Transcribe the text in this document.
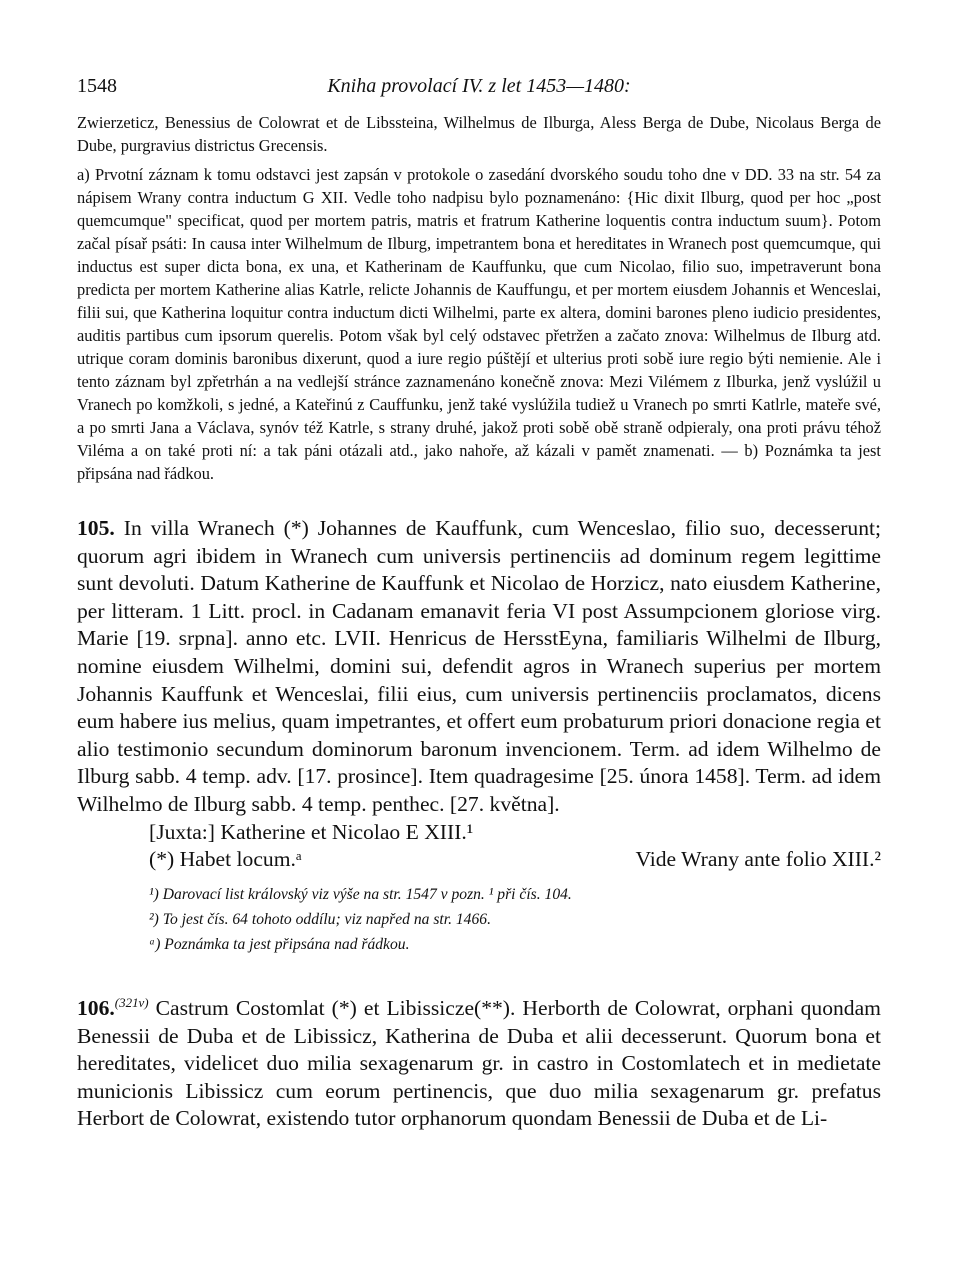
1548	Kniha provolací IV. z let 1453—1480:

Zwierzeticz, Benessius de Colowrat et de Libssteina, Wilhelmus de Ilburga, Aless Berga de Dube, Nicolaus Berga de Dube, purgravius districtus Grecensis.

a) Prvotní záznam k tomu odstavci jest zapsán v protokole o zasedání dvorského soudu toho dne v DD. 33 na str. 54 za nápisem Wrany contra inductum G XII. Vedle toho nadpisu bylo poznamenáno: {Hic dixit Ilburg, quod per hoc „post quemcumque" specificat, quod per mortem patris, matris et fratrum Katherine loquentis contra inductum suum}. Potom začal písař psáti: In causa inter Wilhelmum de Ilburg, impetrantem bona et hereditates in Wranech post quemcumque, qui inductus est super dicta bona, ex una, et Katherinam de Kauffunku, que cum Nicolao, filio suo, impetraverunt bona predicta per mortem Katherine alias Katrle, relicte Johannis de Kauffungu, et per mortem eiusdem Johannis et Wenceslai, filii sui, que Katherina loquitur contra inductum dicti Wilhelmi, parte ex altera, domini barones pleno iudicio presidentes, auditis partibus cum ipsorum querelis. Potom však byl celý odstavec přetržen a začato znova: Wilhelmus de Ilburg atd. utrique coram dominis baronibus dixerunt, quod a iure regio púštějí et ulterius proti sobě iure regio býti nemienie. Ale i tento záznam byl zpřetrhán a na vedlejší stránce zaznamenáno konečně znova: Mezi Vilémem z Ilburka, jenž vyslúžil u Vranech po komžkoli, s jedné, a Kateřinú z Cauffunku, jenž také vyslúžila tudiež u Vranech po smrti Katlrle, mateře své, a po smrti Jana a Václava, synóv též Katrle, s strany druhé, jakož proti sobě obě straně odpieraly, ona proti právu téhož Viléma a on také proti ní: a tak páni otázali atd., jako nahoře, až kázali v pamět znamenati. — b) Poznámka ta jest připsána nad řádkou.

105. In villa Wranech (*) Johannes de Kauffunk, cum Wenceslao, filio suo, decesserunt; quorum agri ibidem in Wranech cum universis pertinenciis ad dominum regem legittime sunt devoluti. Datum Katherine de Kauffunk et Nicolao de Horzicz, nato eiusdem Katherine, per litteram. 1 Litt. procl. in Cadanam emanavit feria VI post Assumpcionem gloriose virg. Marie [19. srpna]. anno etc. LVII. Henricus de HersstEyna, familiaris Wilhelmi de Ilburg, nomine eiusdem Wilhelmi, domini sui, defendit agros in Wranech superius per mortem Johannis Kauffunk et Wenceslai, filii eius, cum universis pertinenciis proclamatos, dicens eum habere ius melius, quam impetrantes, et offert eum probaturum priori donacione regia et alio testimonio secundum dominorum baronum invencionem. Term. ad idem Wilhelmo de Ilburg sabb. 4 temp. adv. [17. prosince]. Item quadragesime [25. února 1458]. Term. ad idem Wilhelmo de Ilburg sabb. 4 temp. penthec. [27. května].

[Juxta:] Katherine et Nicolao E XIII.¹

(*) Habet locum.ᵃ	Vide Wrany ante folio XIII.²

¹) Darovací list královský viz výše na str. 1547 v pozn. ¹ při čís. 104.

²) To jest čís. 64 tohoto oddílu; viz napřed na str. 1466.

ᵃ) Poznámka ta jest připsána nad řádkou.

106.$^{(321v)}$ Castrum Costomlat (*) et Libissicze(**). Herborth de Colowrat, orphani quondam Benessii de Duba et de Libissicz, Katherina de Duba et alii decesserunt. Quorum bona et hereditates, videlicet duo milia sexagenarum gr. in castro in Costomlatech et in medietate municionis Libissicz cum eorum pertinencis, que duo milia sexagenarum gr. prefatus Herbort de Colowrat, existendo tutor orphanorum quondam Benessii de Duba et de Li-
